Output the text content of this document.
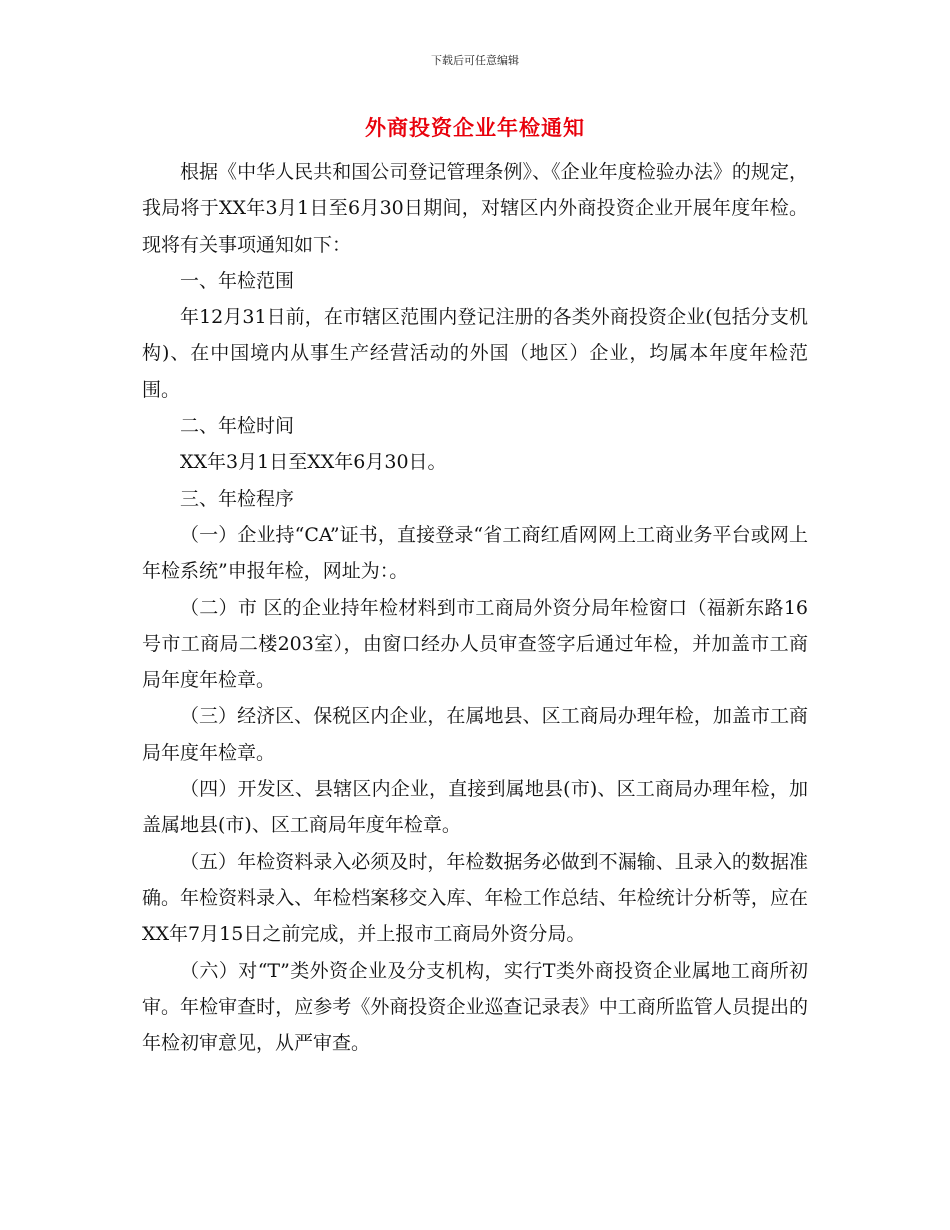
下载后可任意编辑
外商投资企业年检通知

根据《中华人民共和国公司登记管理条例》、《企业年度检验办法》的规定，我局将于XX年3月1日至6月30日期间，对辖区内外商投资企业开展年度年检。现将有关事项通知如下：

一、年检范围

年12月31日前，在市辖区范围内登记注册的各类外商投资企业(包括分支机构)、在中国境内从事生产经营活动的外国（地区）企业，均属本年度年检范围。

二、年检时间

XX年3月1日至XX年6月30日。

三、年检程序

（一）企业持“CA”证书，直接登录“省工商红盾网网上工商业务平台或网上年检系统”申报年检，网址为：。

（二）市 区的企业持年检材料到市工商局外资分局年检窗口（福新东路16号市工商局二楼203室），由窗口经办人员审查签字后通过年检，并加盖市工商局年度年检章。

（三）经济区、保税区内企业，在属地县、区工商局办理年检，加盖市工商局年度年检章。

（四）开发区、县辖区内企业，直接到属地县(市)、区工商局办理年检，加盖属地县(市)、区工商局年度年检章。

（五）年检资料录入必须及时，年检数据务必做到不漏输、且录入的数据准确。年检资料录入、年检档案移交入库、年检工作总结、年检统计分析等，应在XX年7月15日之前完成，并上报市工商局外资分局。

（六）对“T”类外资企业及分支机构，实行T类外商投资企业属地工商所初审。年检审查时，应参考《外商投资企业巡查记录表》中工商所监管人员提出的年检初审意见，从严审查。
